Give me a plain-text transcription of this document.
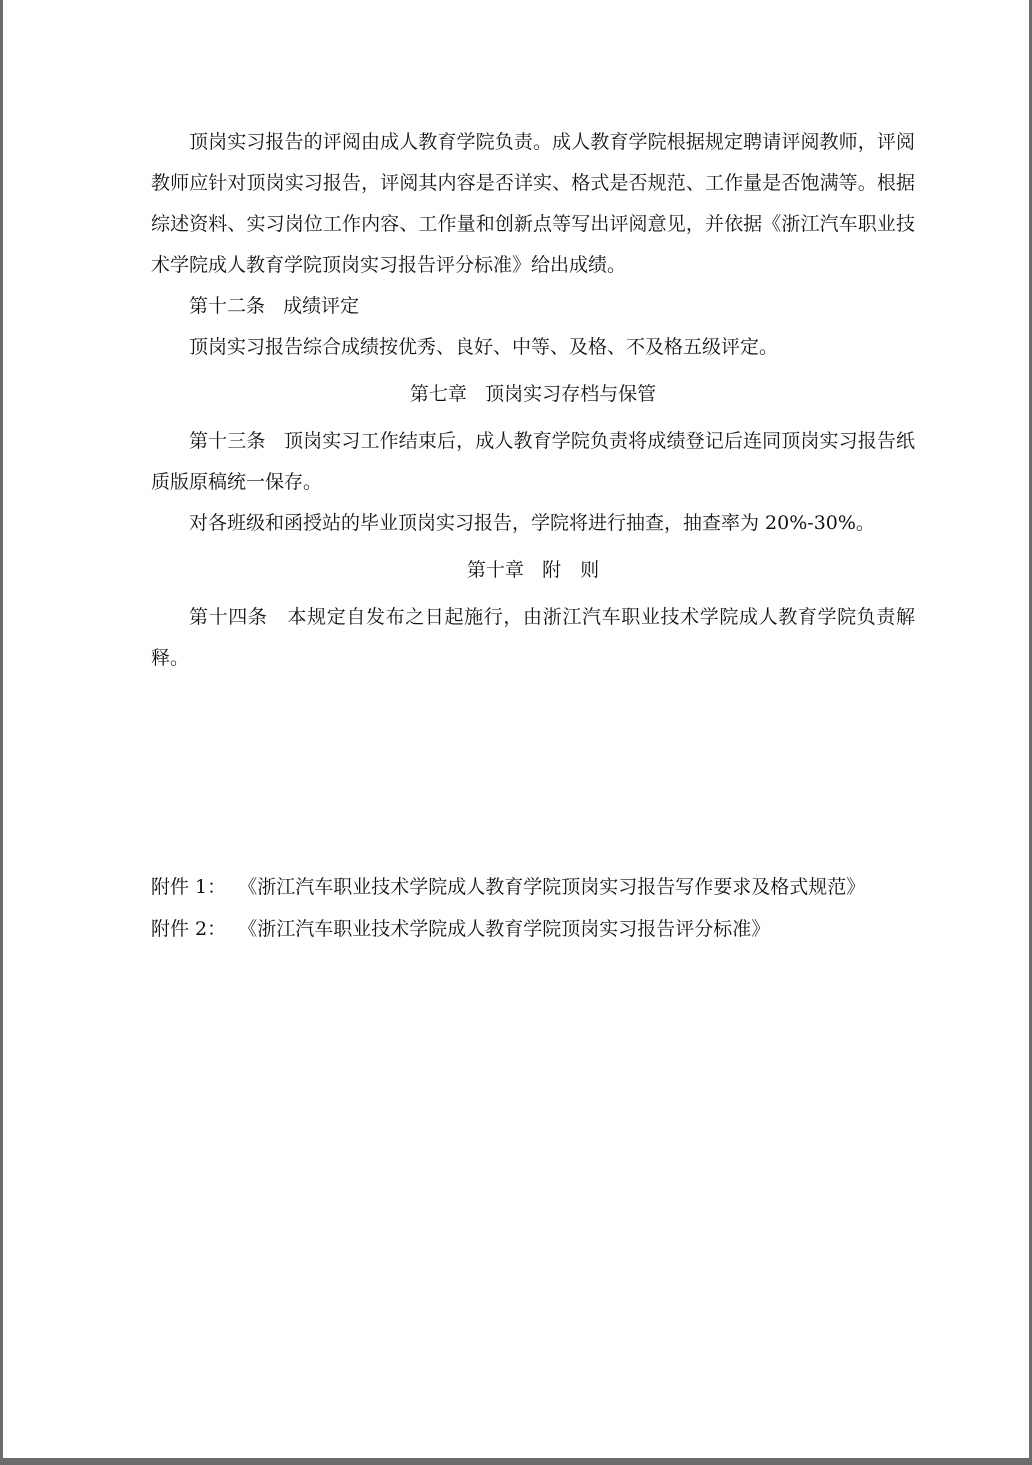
顶岗实习报告的评阅由成人教育学院负责。成人教育学院根据规定聘请评阅教师，评阅教师应针对顶岗实习报告，评阅其内容是否详实、格式是否规范、工作量是否饱满等。根据综述资料、实习岗位工作内容、工作量和创新点等写出评阅意见，并依据《浙江汽车职业技术学院成人教育学院顶岗实习报告评分标准》给出成绩。

第十二条 成绩评定

顶岗实习报告综合成绩按优秀、良好、中等、及格、不及格五级评定。

第七章 顶岗实习存档与保管

第十三条 顶岗实习工作结束后，成人教育学院负责将成绩登记后连同顶岗实习报告纸质版原稿统一保存。

对各班级和函授站的毕业顶岗实习报告，学院将进行抽查，抽查率为 20%-30%。

第十章 附　则

第十四条 本规定自发布之日起施行，由浙江汽车职业技术学院成人教育学院负责解释。

附件 1： 《浙江汽车职业技术学院成人教育学院顶岗实习报告写作要求及格式规范》

附件 2： 《浙江汽车职业技术学院成人教育学院顶岗实习报告评分标准》
